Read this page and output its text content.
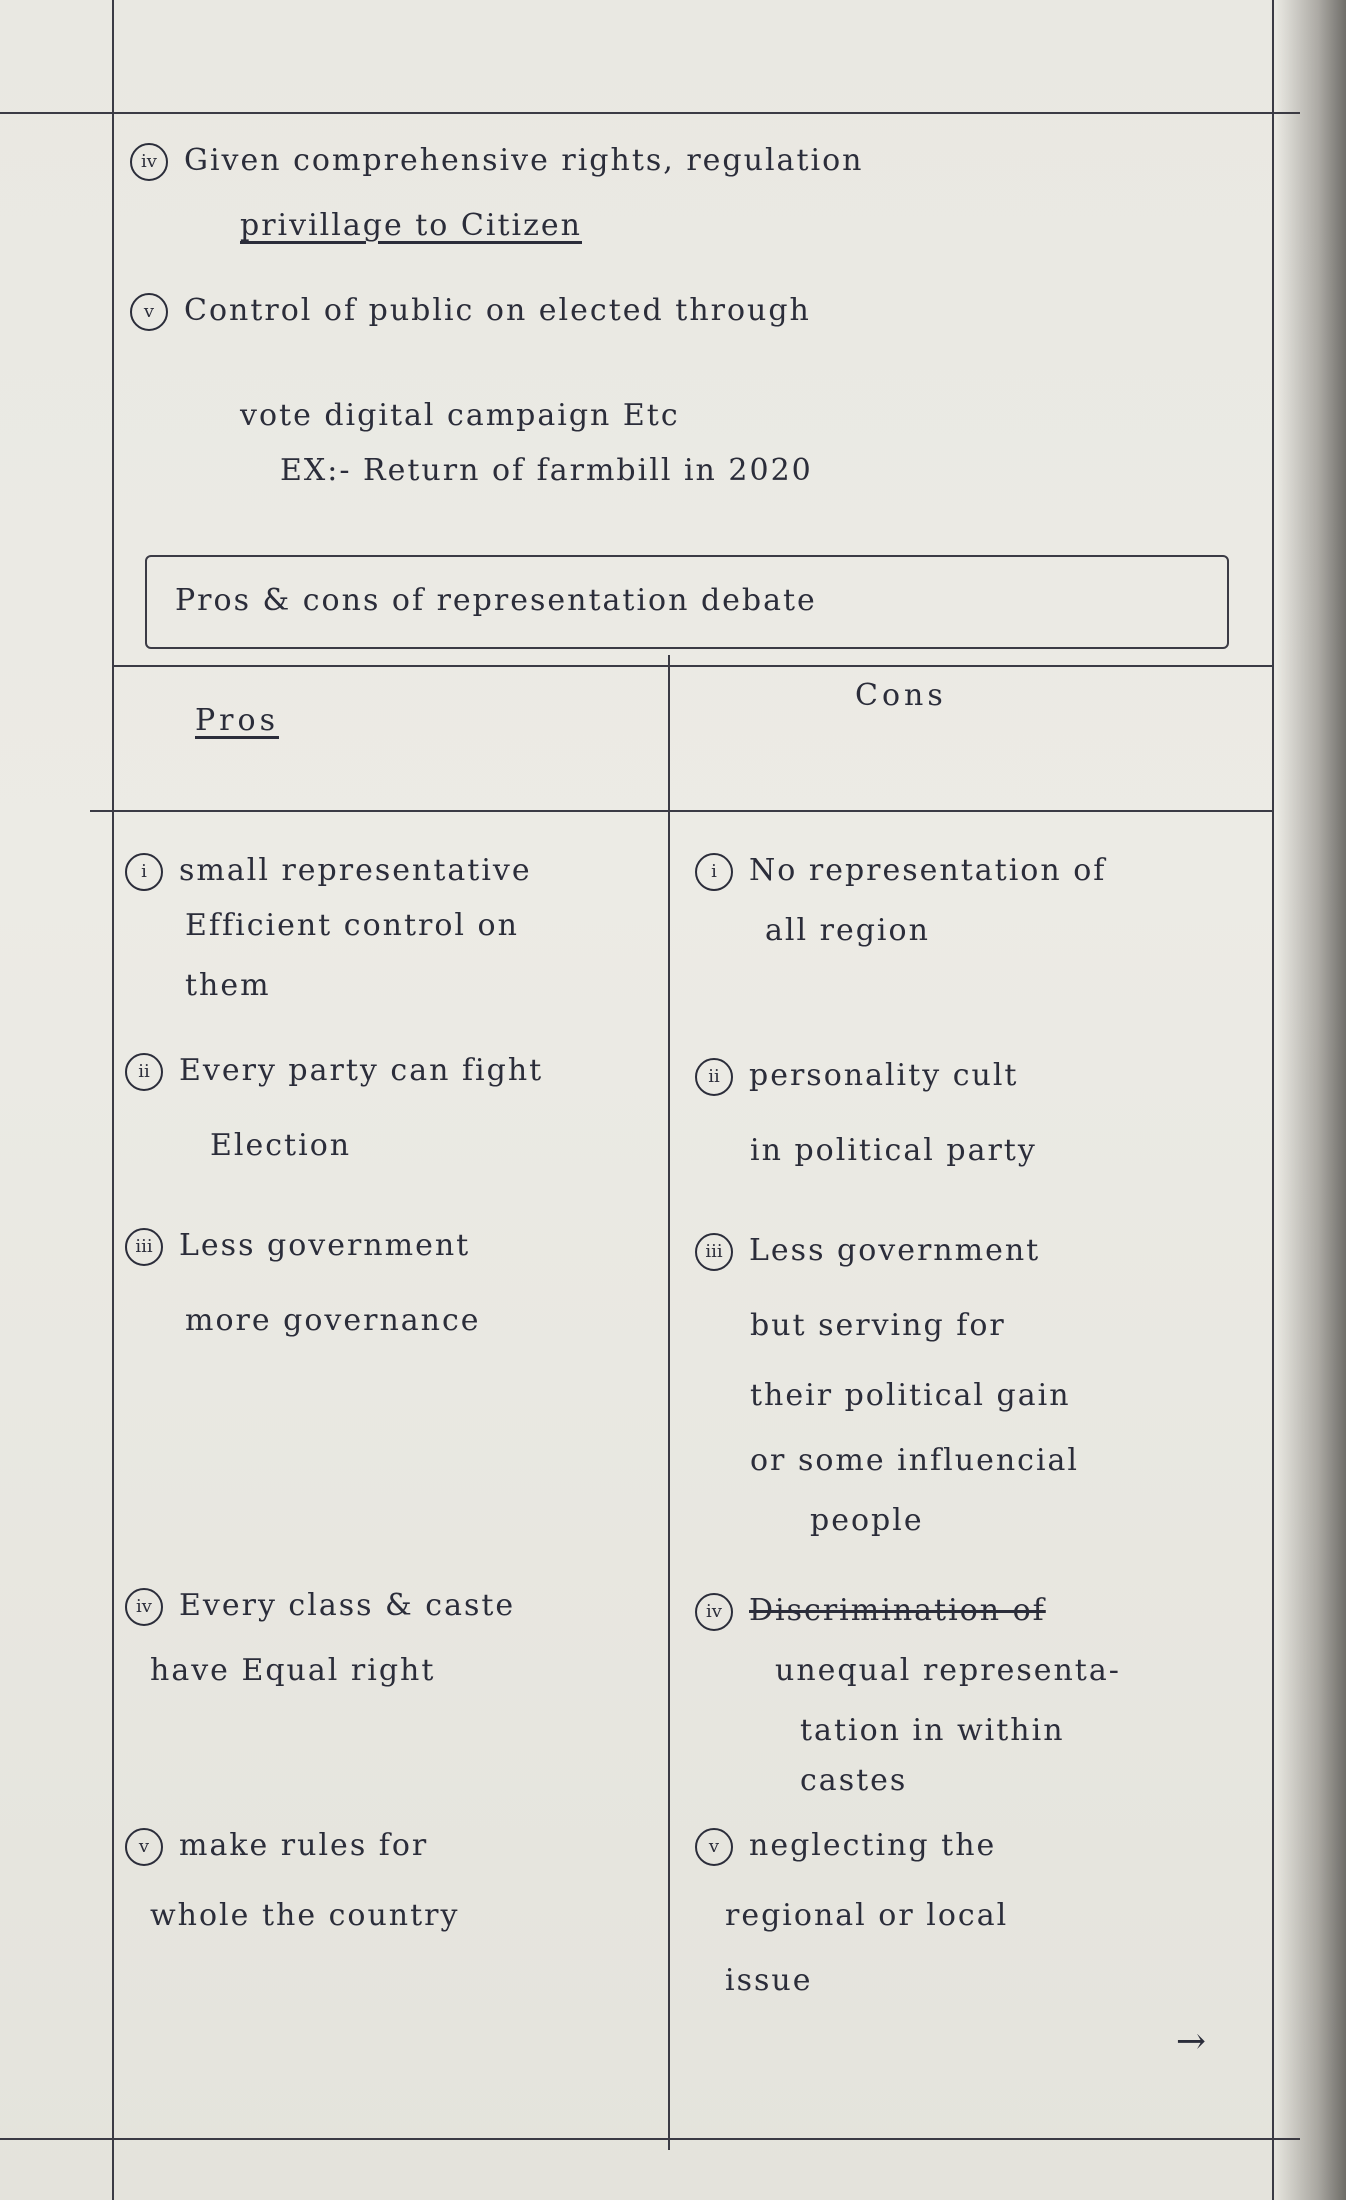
iv Given comprehensive rights, regulation
privillage to Citizen
v Control of public on elected through
vote digital campaign Etc
EX:- Return of farmbill in 2020
Pros & cons of representation debate
Pros
Cons
i small representative
Efficient control on
them
ii Every party can fight
Election
iii Less government
more governance
iv Every class & caste
have Equal right
v make rules for
whole the country
i No representation of
all region
ii personality cult
in political party
iii Less government
but serving for
their political gain
or some influencial
people
iv Discrimination of
unequal representa-
tation in within
castes
v neglecting the
regional or local
issue
→
